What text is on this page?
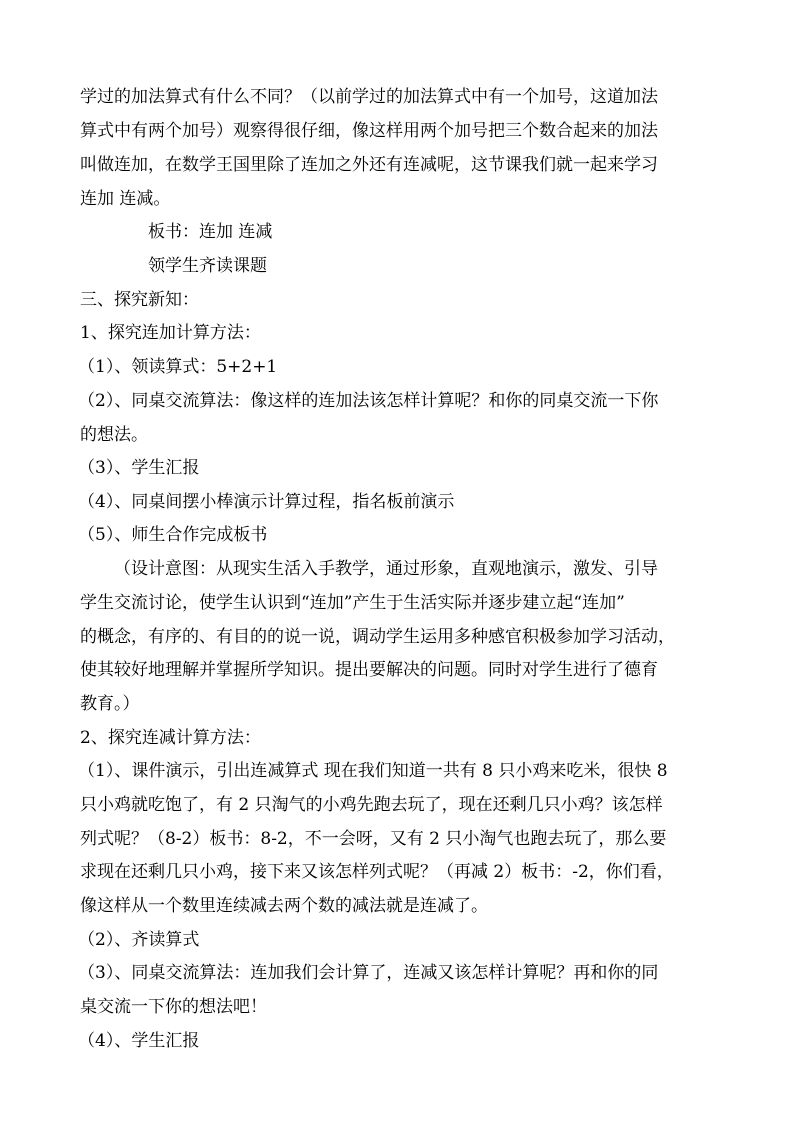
学过的加法算式有什么不同？（以前学过的加法算式中有一个加号，这道加法
算式中有两个加号）观察得很仔细，像这样用两个加号把三个数合起来的加法
叫做连加，在数学王国里除了连加之外还有连减呢，这节课我们就一起来学习
连加 连减。
板书：连加 连减
领学生齐读课题
三、探究新知：
1、探究连加计算方法：
（1）、领读算式：5+2+1
（2）、同桌交流算法：像这样的连加法该怎样计算呢？和你的同桌交流一下你
的想法。
（3）、学生汇报
（4）、同桌间摆小棒演示计算过程，指名板前演示
（5）、师生合作完成板书
（设计意图：从现实生活入手教学，通过形象，直观地演示，激发、引导
学生交流讨论，使学生认识到“连加”产生于生活实际并逐步建立起“连加”
的概念，有序的、有目的的说一说，调动学生运用多种感官积极参加学习活动，
使其较好地理解并掌握所学知识。提出要解决的问题。同时对学生进行了德育
教育。）
2、探究连减计算方法：
（1）、课件演示，引出连减算式 现在我们知道一共有 8 只小鸡来吃米，很快 8
只小鸡就吃饱了，有 2 只淘气的小鸡先跑去玩了，现在还剩几只小鸡？该怎样
列式呢？（8-2）板书：8-2，不一会呀，又有 2 只小淘气也跑去玩了，那么要
求现在还剩几只小鸡，接下来又该怎样列式呢？（再减 2）板书：-2，你们看，
像这样从一个数里连续减去两个数的减法就是连减了。
（2）、齐读算式
（3）、同桌交流算法：连加我们会计算了，连减又该怎样计算呢？再和你的同
桌交流一下你的想法吧！
（4）、学生汇报
